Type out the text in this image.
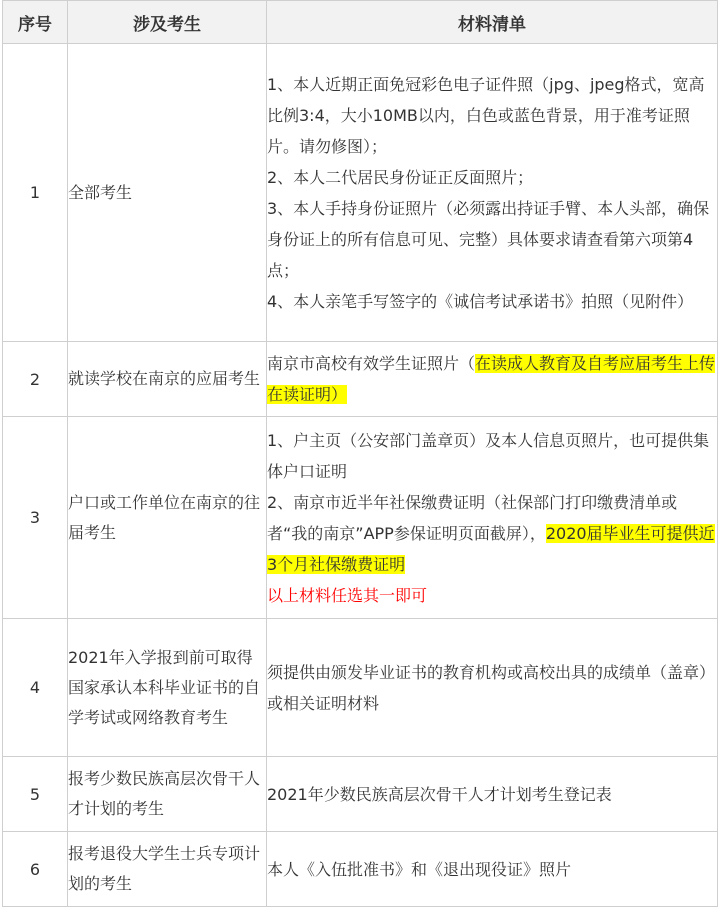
序号	涉及考生	材料清单
1	全部考生	1、本人近期正面免冠彩色电子证件照（jpg、jpeg格式，宽高比例3:4，大小10MB以内，白色或蓝色背景，用于准考证照片。请勿修图）；

2、本人二代居民身份证正反面照片；

3、本人手持身份证照片（必须露出持证手臂、本人头部，确保身份证上的所有信息可见、完整）具体要求请查看第六项第4点；

4、本人亲笔手写签字的《诚信考试承诺书》拍照（见附件）

2	就读学校在南京的应届考生	南京市高校有效学生证照片（在读成人教育及自考应届考生上传在读证明）

3	户口或工作单位在南京的往届考生	1、户主页（公安部门盖章页）及本人信息页照片，也可提供集体户口证明

2、南京市近半年社保缴费证明（社保部门打印缴费清单或者“我的南京”APP参保证明页面截屏），2020届毕业生可提供近3个月社保缴费证明

以上材料任选其一即可

4	2021年入学报到前可取得国家承认本科毕业证书的自学考试或网络教育考生	须提供由颁发毕业证书的教育机构或高校出具的成绩单（盖章）或相关证明材料
5	报考少数民族高层次骨干人才计划的考生	2021年少数民族高层次骨干人才计划考生登记表
6	报考退役大学生士兵专项计划的考生	本人《入伍批准书》和《退出现役证》照片
